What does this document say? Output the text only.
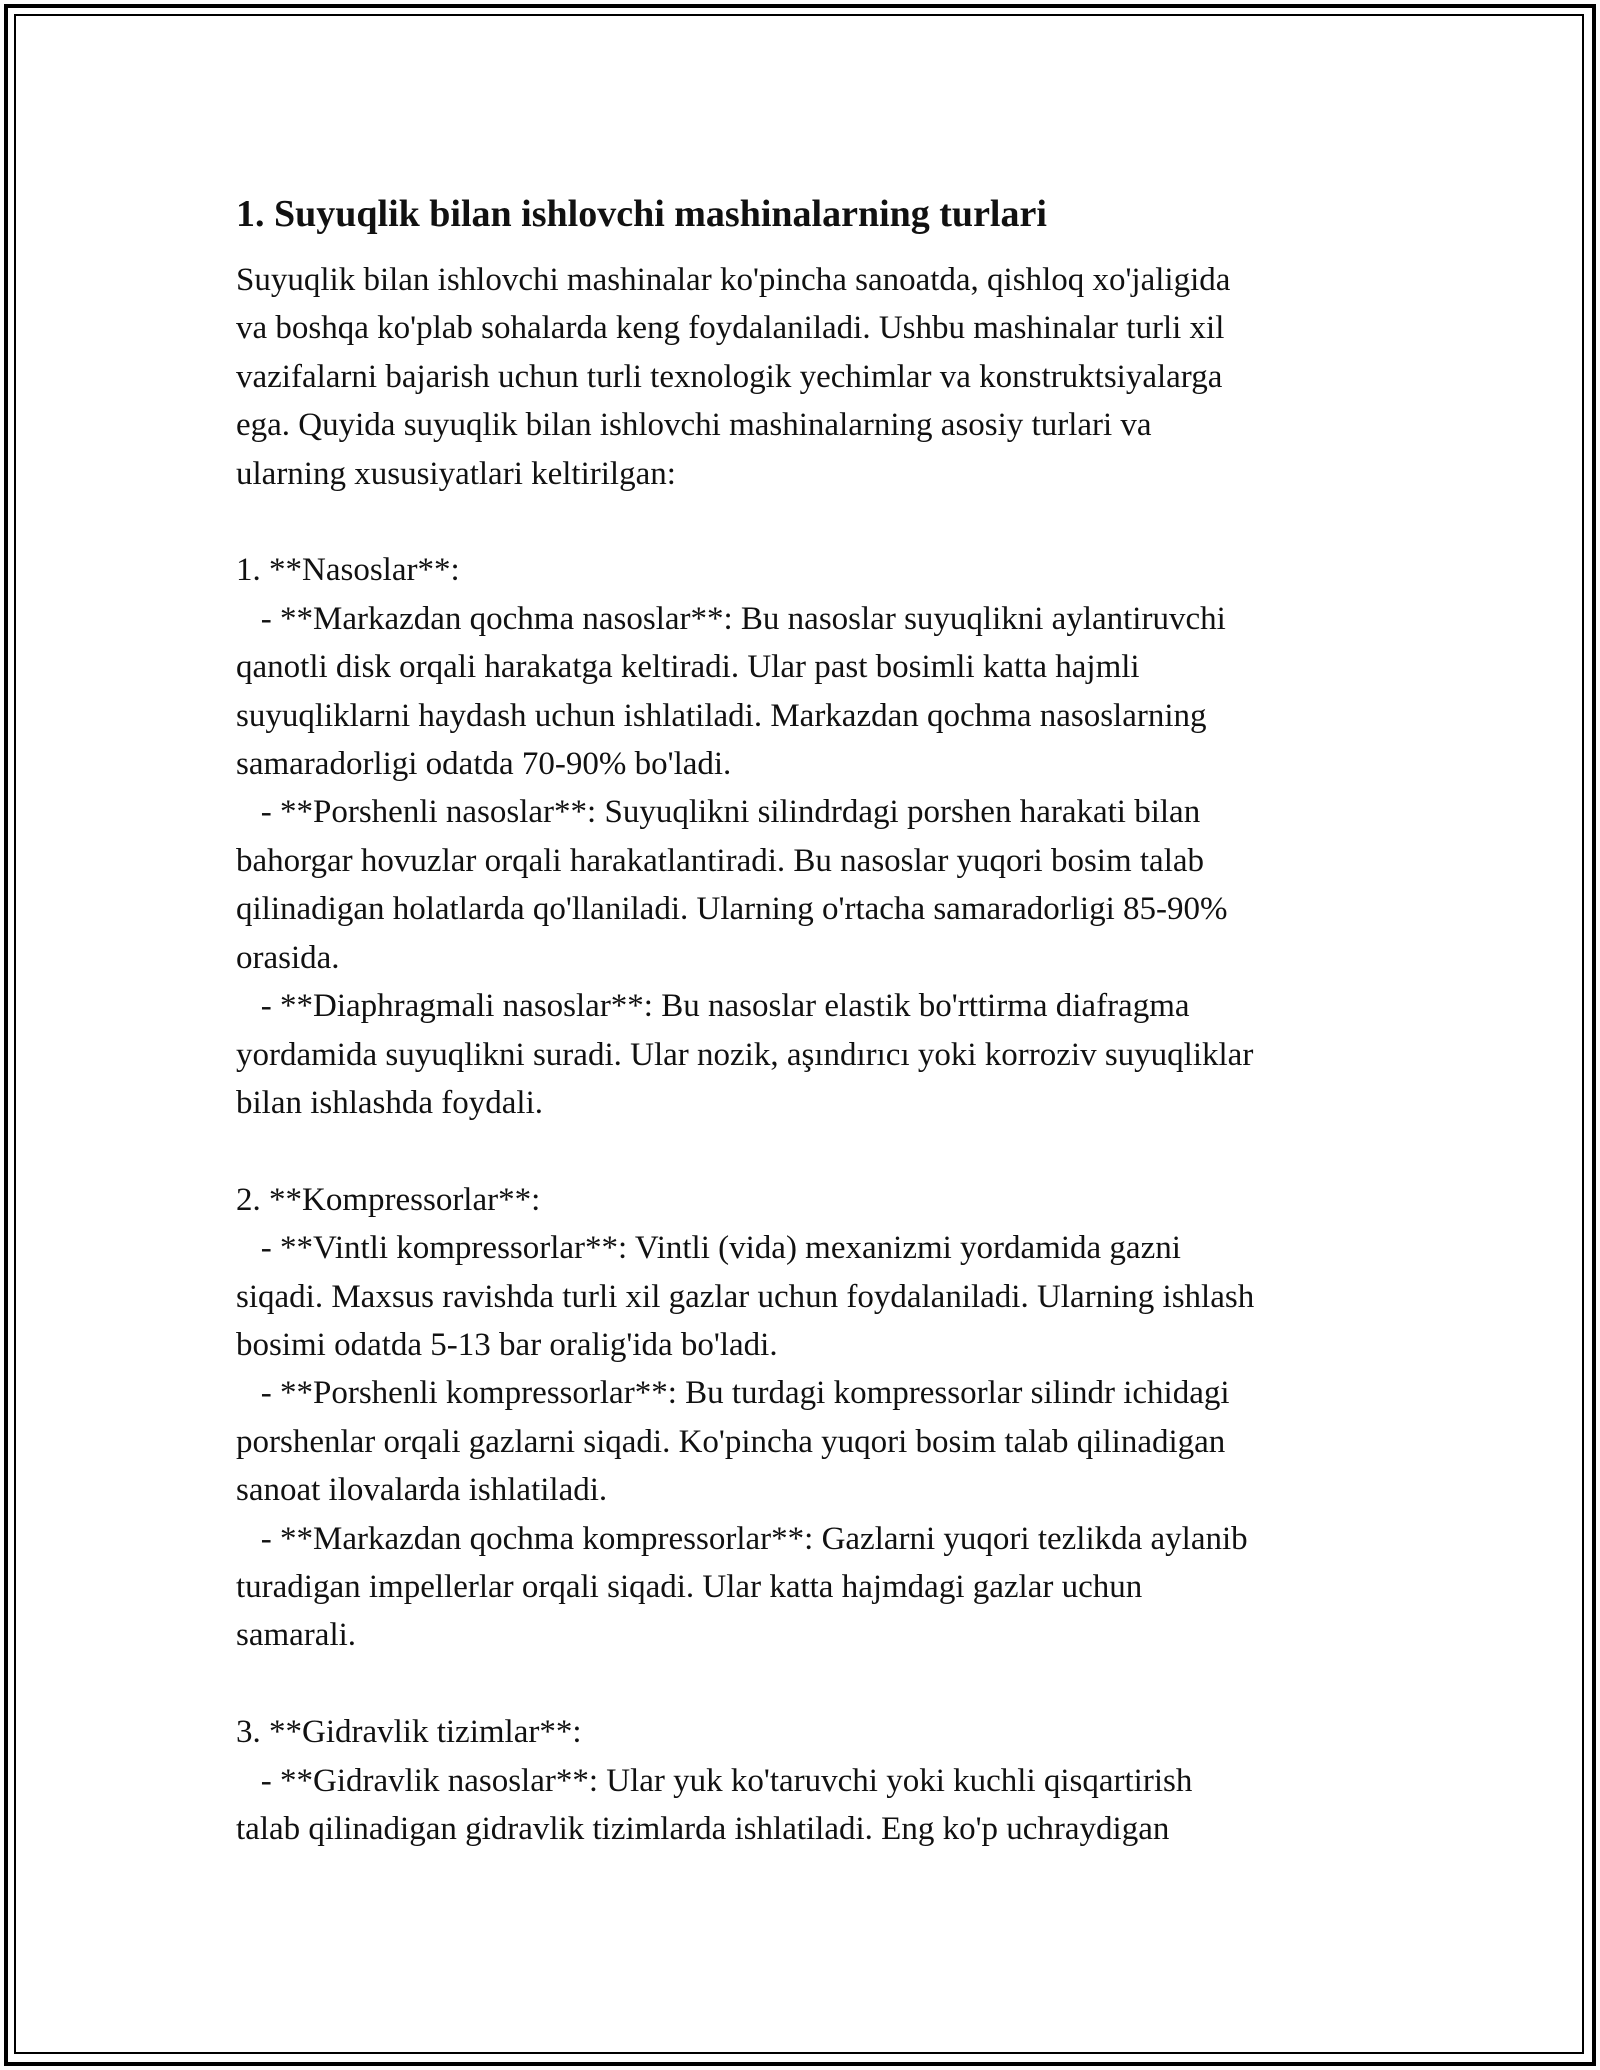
1. Suyuqlik bilan ishlovchi mashinalarning turlari

Suyuqlik bilan ishlovchi mashinalar ko'pincha sanoatda, qishloq xo'jaligida

va boshqa ko'plab sohalarda keng foydalaniladi. Ushbu mashinalar turli xil

vazifalarni bajarish uchun turli texnologik yechimlar va konstruktsiyalarga

ega. Quyida suyuqlik bilan ishlovchi mashinalarning asosiy turlari va

ularning xususiyatlari keltirilgan:

1. **Nasoslar**:

- **Markazdan qochma nasoslar**: Bu nasoslar suyuqlikni aylantiruvchi

qanotli disk orqali harakatga keltiradi. Ular past bosimli katta hajmli

suyuqliklarni haydash uchun ishlatiladi. Markazdan qochma nasoslarning

samaradorligi odatda 70-90% bo'ladi.

- **Porshenli nasoslar**: Suyuqlikni silindrdagi porshen harakati bilan

bahorgar hovuzlar orqali harakatlantiradi. Bu nasoslar yuqori bosim talab

qilinadigan holatlarda qo'llaniladi. Ularning o'rtacha samaradorligi 85-90%

orasida.

- **Diaphragmali nasoslar**: Bu nasoslar elastik bo'rttirma diafragma

yordamida suyuqlikni suradi. Ular nozik, aşındırıcı yoki korroziv suyuqliklar

bilan ishlashda foydali.

2. **Kompressorlar**:

- **Vintli kompressorlar**: Vintli (vida) mexanizmi yordamida gazni

siqadi. Maxsus ravishda turli xil gazlar uchun foydalaniladi. Ularning ishlash

bosimi odatda 5-13 bar oralig'ida bo'ladi.

- **Porshenli kompressorlar**: Bu turdagi kompressorlar silindr ichidagi

porshenlar orqali gazlarni siqadi. Ko'pincha yuqori bosim talab qilinadigan

sanoat ilovalarda ishlatiladi.

- **Markazdan qochma kompressorlar**: Gazlarni yuqori tezlikda aylanib

turadigan impellerlar orqali siqadi. Ular katta hajmdagi gazlar uchun

samarali.

3. **Gidravlik tizimlar**:

- **Gidravlik nasoslar**: Ular yuk ko'taruvchi yoki kuchli qisqartirish

talab qilinadigan gidravlik tizimlarda ishlatiladi. Eng ko'p uchraydigan
